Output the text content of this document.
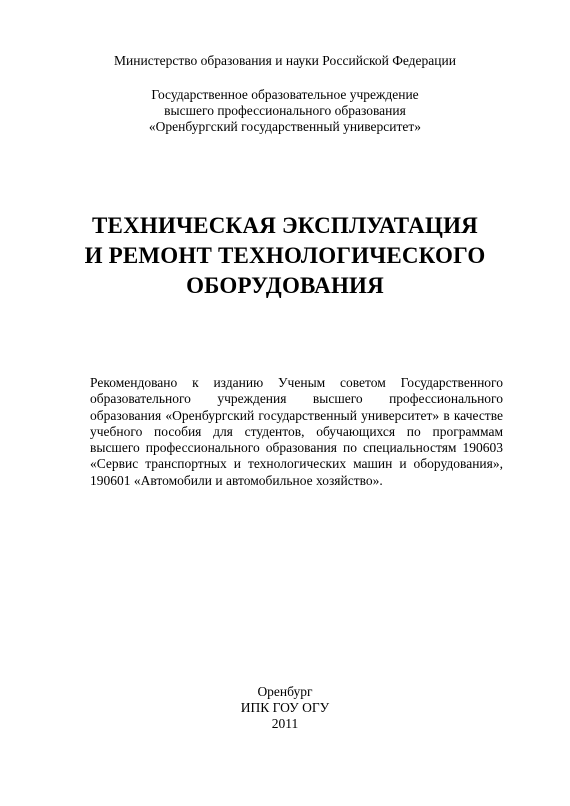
Министерство образования и науки Российской Федерации
Государственное образовательное учреждение
высшего профессионального образования
«Оренбургский государственный университет»
ТЕХНИЧЕСКАЯ ЭКСПЛУАТАЦИЯ
И РЕМОНТ ТЕХНОЛОГИЧЕСКОГО
ОБОРУДОВАНИЯ
Рекомендовано к изданию Ученым советом Государственного
образовательного учреждения высшего профессионального
образования «Оренбургский государственный университет» в качестве
учебного пособия для студентов, обучающихся по программам
высшего профессионального образования по специальностям 190603
«Сервис транспортных и технологических машин и оборудования»,
190601 «Автомобили и автомобильное хозяйство».
Оренбург
ИПК ГОУ ОГУ
2011
